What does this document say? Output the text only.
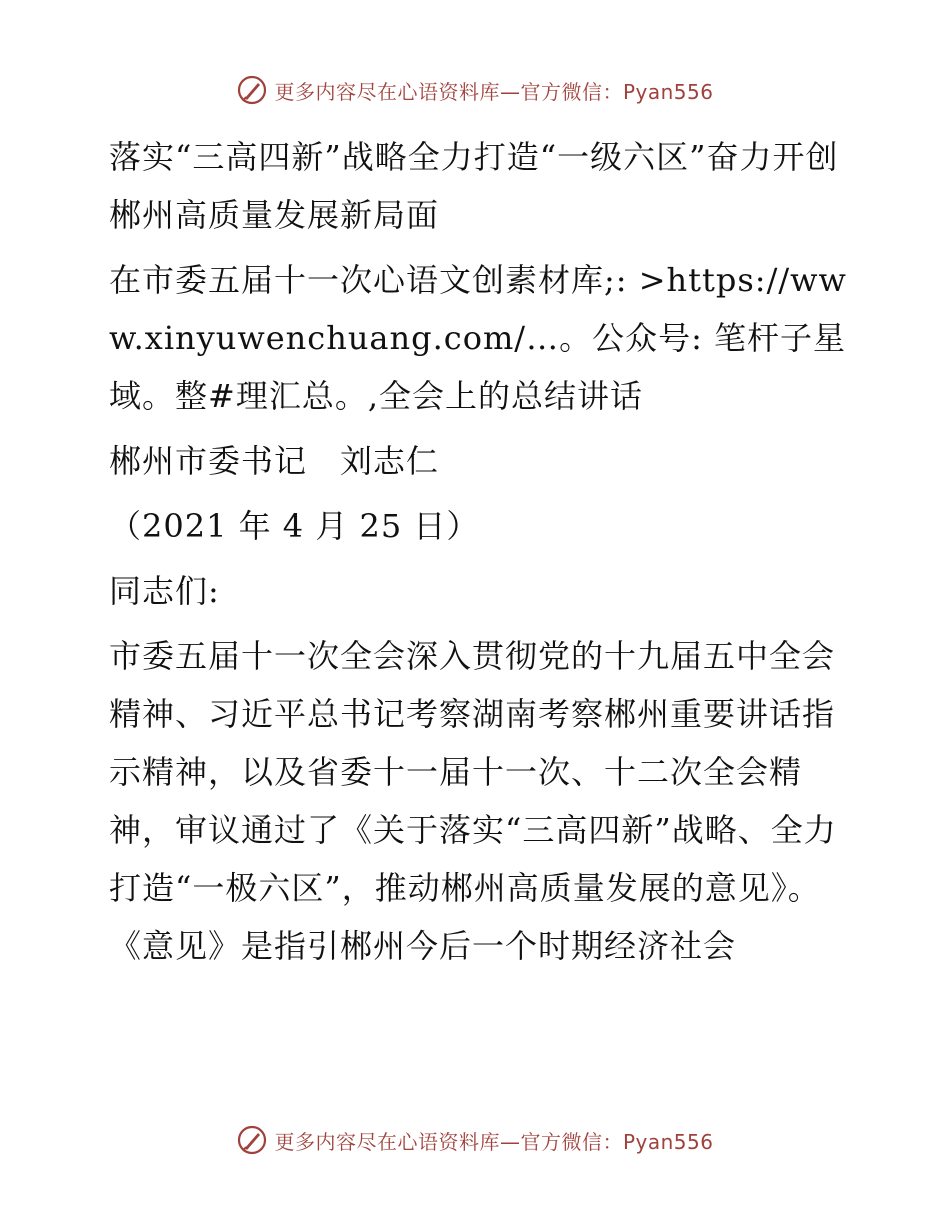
更多内容尽在心语资料库—官方微信：Pyan556

落实“三高四新”战略全力打造“一级六区”奋力开创郴州高质量发展新局面

在市委五届十一次心语文创素材库;: >https://www.xinyuwenchuang.com/…。公众号: 笔杆子星域。整#理汇总。,全会上的总结讲话

郴州市委书记　刘志仁

（2021 年 4 月 25 日）

同志们:

市委五届十一次全会深入贯彻党的十九届五中全会精神、习近平总书记考察湖南考察郴州重要讲话指示精神，以及省委十一届十一次、十二次全会精神，审议通过了《关于落实“三高四新”战略、全力打造“一极六区”，推动郴州高质量发展的意见》。《意见》是指引郴州今后一个时期经济社会

更多内容尽在心语资料库—官方微信：Pyan556
